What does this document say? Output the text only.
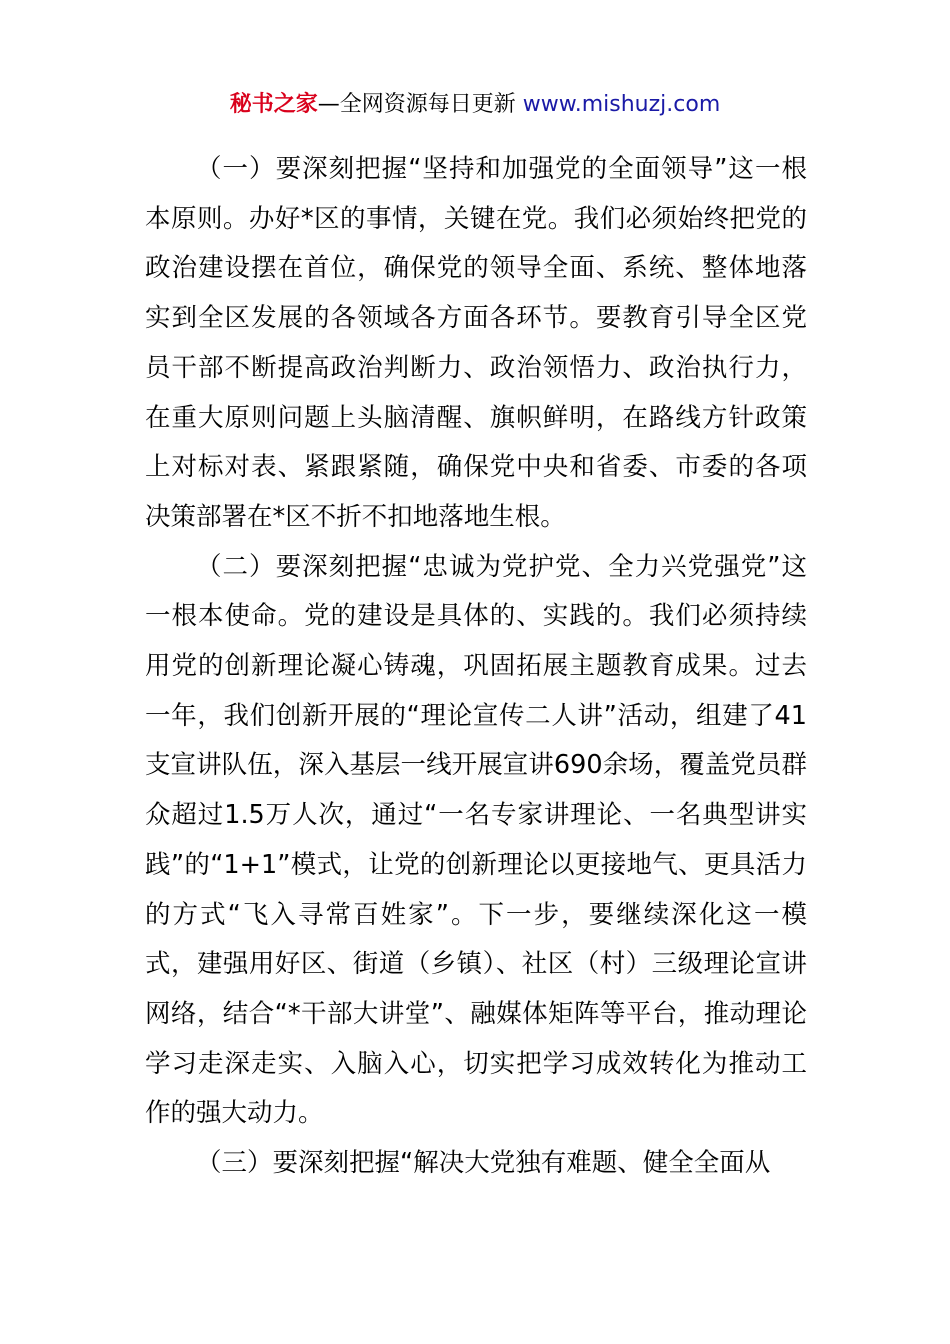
秘书之家—全网资源每日更新 www.mishuzj.com

（一）要深刻把握“坚持和加强党的全面领导”这一根本原则。办好*区的事情，关键在党。我们必须始终把党的政治建设摆在首位，确保党的领导全面、系统、整体地落实到全区发展的各领域各方面各环节。要教育引导全区党员干部不断提高政治判断力、政治领悟力、政治执行力，在重大原则问题上头脑清醒、旗帜鲜明，在路线方针政策上对标对表、紧跟紧随，确保党中央和省委、市委的各项决策部署在*区不折不扣地落地生根。

（二）要深刻把握“忠诚为党护党、全力兴党强党”这一根本使命。党的建设是具体的、实践的。我们必须持续用党的创新理论凝心铸魂，巩固拓展主题教育成果。过去一年，我们创新开展的“理论宣传二人讲”活动，组建了41支宣讲队伍，深入基层一线开展宣讲690余场，覆盖党员群众超过1.5万人次，通过“一名专家讲理论、一名典型讲实践”的“1+1”模式，让党的创新理论以更接地气、更具活力的方式“飞入寻常百姓家”。下一步，要继续深化这一模式，建强用好区、街道（乡镇）、社区（村）三级理论宣讲网络，结合“*干部大讲堂”、融媒体矩阵等平台，推动理论学习走深走实、入脑入心，切实把学习成效转化为推动工作的强大动力。

（三）要深刻把握“解决大党独有难题、健全全面从
